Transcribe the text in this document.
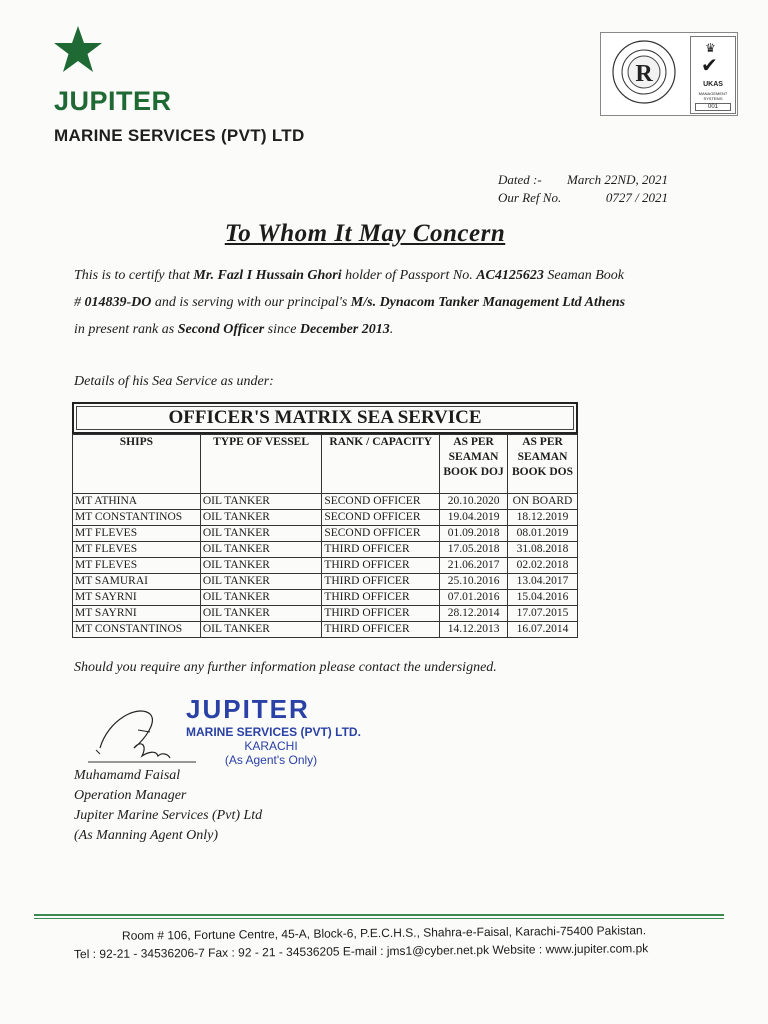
JUPITER
MARINE SERVICES (PVT) LTD
R
♛
✔
UKAS
MANAGEMENT SYSTEMS
001
Dated :- March 22ND, 2021
Our Ref No.	0727 / 2021
To Whom It May Concern
This is to certify that Mr. Fazl I Hussain Ghori holder of Passport No. AC4125623 Seaman Book # 014839-DO and is serving with our principal's M/s. Dynacom Tanker Management Ltd Athens in present rank as Second Officer since December 2013.
Details of his Sea Service as under:
OFFICER'S MATRIX SEA SERVICE
SHIPS	TYPE OF VESSEL	RANK / CAPACITY	AS PER SEAMAN BOOK DOJ	AS PER SEAMAN BOOK DOS
MT ATHINA	OIL TANKER	SECOND OFFICER	20.10.2020	ON BOARD
MT CONSTANTINOS	OIL TANKER	SECOND OFFICER	19.04.2019	18.12.2019
MT FLEVES	OIL TANKER	SECOND OFFICER	01.09.2018	08.01.2019
MT FLEVES	OIL TANKER	THIRD OFFICER	17.05.2018	31.08.2018
MT FLEVES	OIL TANKER	THIRD OFFICER	21.06.2017	02.02.2018
MT SAMURAI	OIL TANKER	THIRD OFFICER	25.10.2016	13.04.2017
MT SAYRNI	OIL TANKER	THIRD OFFICER	07.01.2016	15.04.2016
MT SAYRNI	OIL TANKER	THIRD OFFICER	28.12.2014	17.07.2015
MT CONSTANTINOS	OIL TANKER	THIRD OFFICER	14.12.2013	16.07.2014
Should you require any further information please contact the undersigned.
JUPITER
MARINE SERVICES (PVT) LTD.
KARACHI
(As Agent's Only)
Muhamamd Faisal
Operation Manager
Jupiter Marine Services (Pvt) Ltd
(As Manning Agent Only)
Room # 106, Fortune Centre, 45-A, Block-6, P.E.C.H.S., Shahra-e-Faisal, Karachi-75400 Pakistan.
Tel : 92-21 - 34536206-7 Fax : 92 - 21 - 34536205 E-mail : jms1@cyber.net.pk Website : www.jupiter.com.pk
